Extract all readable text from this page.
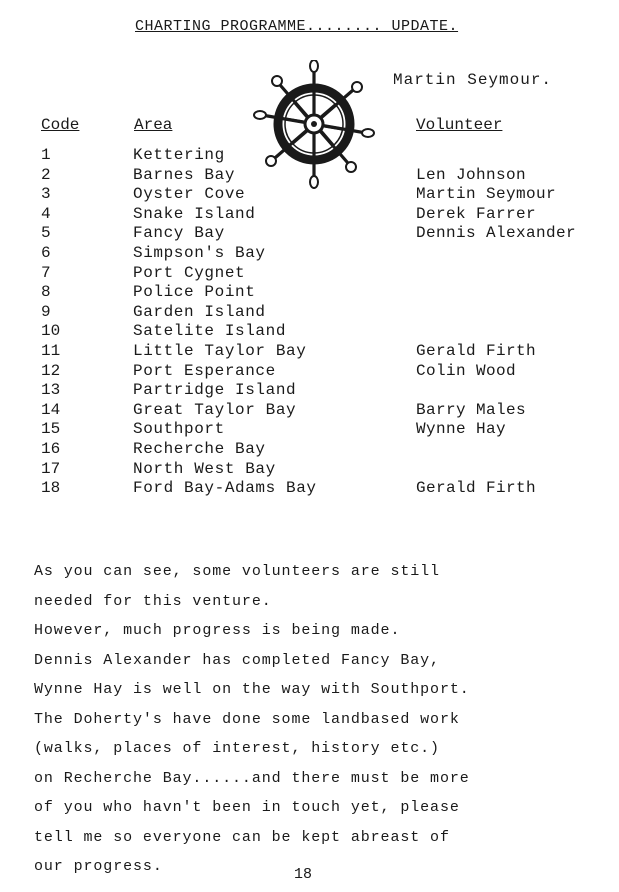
CHARTING PROGRAMME........ UPDATE.
Martin Seymour.
Code	Area	Volunteer
1	Kettering
2	Barnes Bay	Len Johnson
3	Oyster Cove	Martin Seymour
4	Snake Island	Derek Farrer
5	Fancy Bay	Dennis Alexander
6	Simpson's Bay
7	Port Cygnet
8	Police Point
9	Garden Island
10	Satelite Island
11	Little Taylor Bay	Gerald Firth
12	Port Esperance	Colin Wood
13	Partridge Island
14	Great Taylor Bay	Barry Males
15	Southport	Wynne Hay
16	Recherche Bay
17	North West Bay
18	Ford Bay-Adams Bay	Gerald Firth

As you can see, some volunteers are still

needed for this venture.

However, much progress is being made.

Dennis Alexander has completed Fancy Bay,

Wynne Hay is well on the way with Southport.

The Doherty's have done some landbased work

(walks, places of interest, history etc.)

on Recherche Bay......and there must be more

of you who havn't been in touch yet, please

tell me so everyone can be kept abreast of

our progress.	18
